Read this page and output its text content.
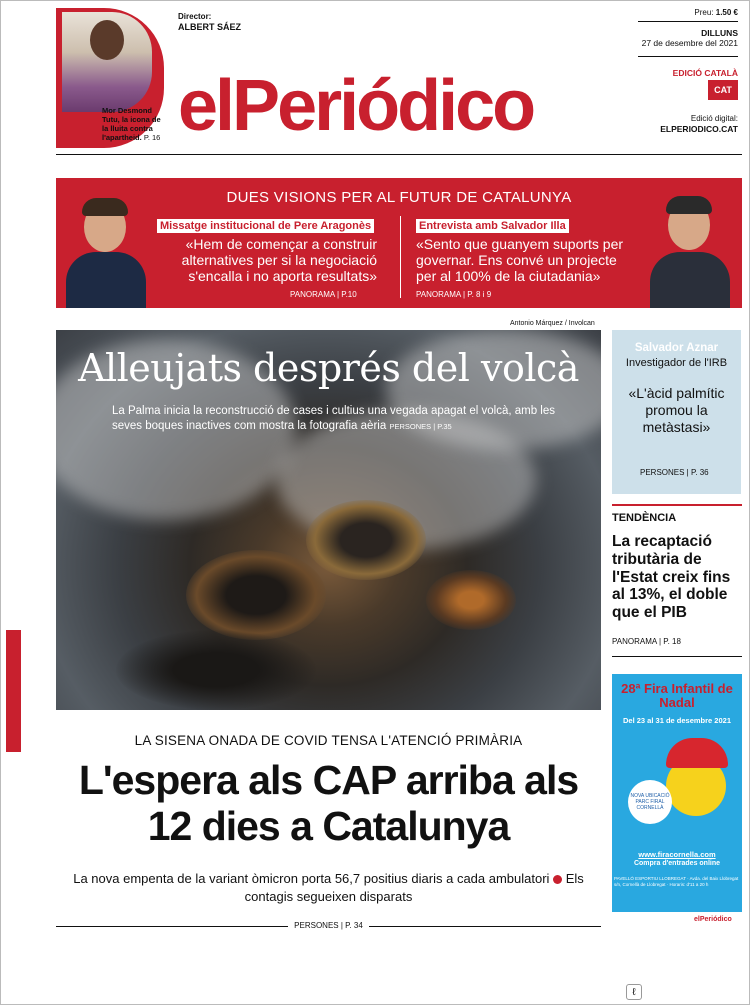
Mor Desmond Tutu, la icona de la lluita contra l'apartheid. P. 16
Director:
ALBERT SÁEZ
elPeriódico
Preu: 1.50 €
DILLUNS
27 de desembre del 2021
EDICIÓ CATALÀ
CAT
Edició digital:
ELPERIODICO.CAT
DUES VISIONS PER AL FUTUR DE CATALUNYA
Missatge institucional de Pere Aragonès	Entrevista amb Salvador Illa
«Hem de començar a construir alternatives per si la negociació s'encalla i no aporta resultats»
«Sento que guanyem suports per governar. Ens convé un projecte per al 100% de la ciutadania»
PANORAMA | P.10	PANORAMA | P. 8 i 9
Antonio Márquez / Involcan
Alleujats després del volcà
La Palma inicia la reconstrucció de cases i cultius una vegada apagat el volcà, amb les seves boques inactives com mostra la fotografia aèria PERSONES | P.35
Salvador Aznar
Investigador de l'IRB
«L'àcid palmític promou la metàstasi»
PERSONES | P. 36
TENDÈNCIA
La recaptació tributària de l'Estat creix fins al 13%, el doble que el PIB
PANORAMA | P. 18
28ª Fira Infantil de Nadal
Del 23 al 31 de desembre 2021
NOVA UBICACIÓ PARC FIRAL CORNELLÀ
www.firacornella.com
Compra d'entrades online
PAVELLÓ ESPORTIU LLOBREGAT · Avda. del Baix Llobregat s/n, Cornellà de Llobregat · Horaris: d'11 a 20 h
elPeriódico
LA SISENA ONADA DE COVID TENSA L'ATENCIÓ PRIMÀRIA
L'espera als CAP arriba als 12 dies a Catalunya
La nova empenta de la variant òmicron porta 56,7 positius diaris a cada ambulatori Els contagis segueixen disparats
PERSONES | P. 34
ℓ
